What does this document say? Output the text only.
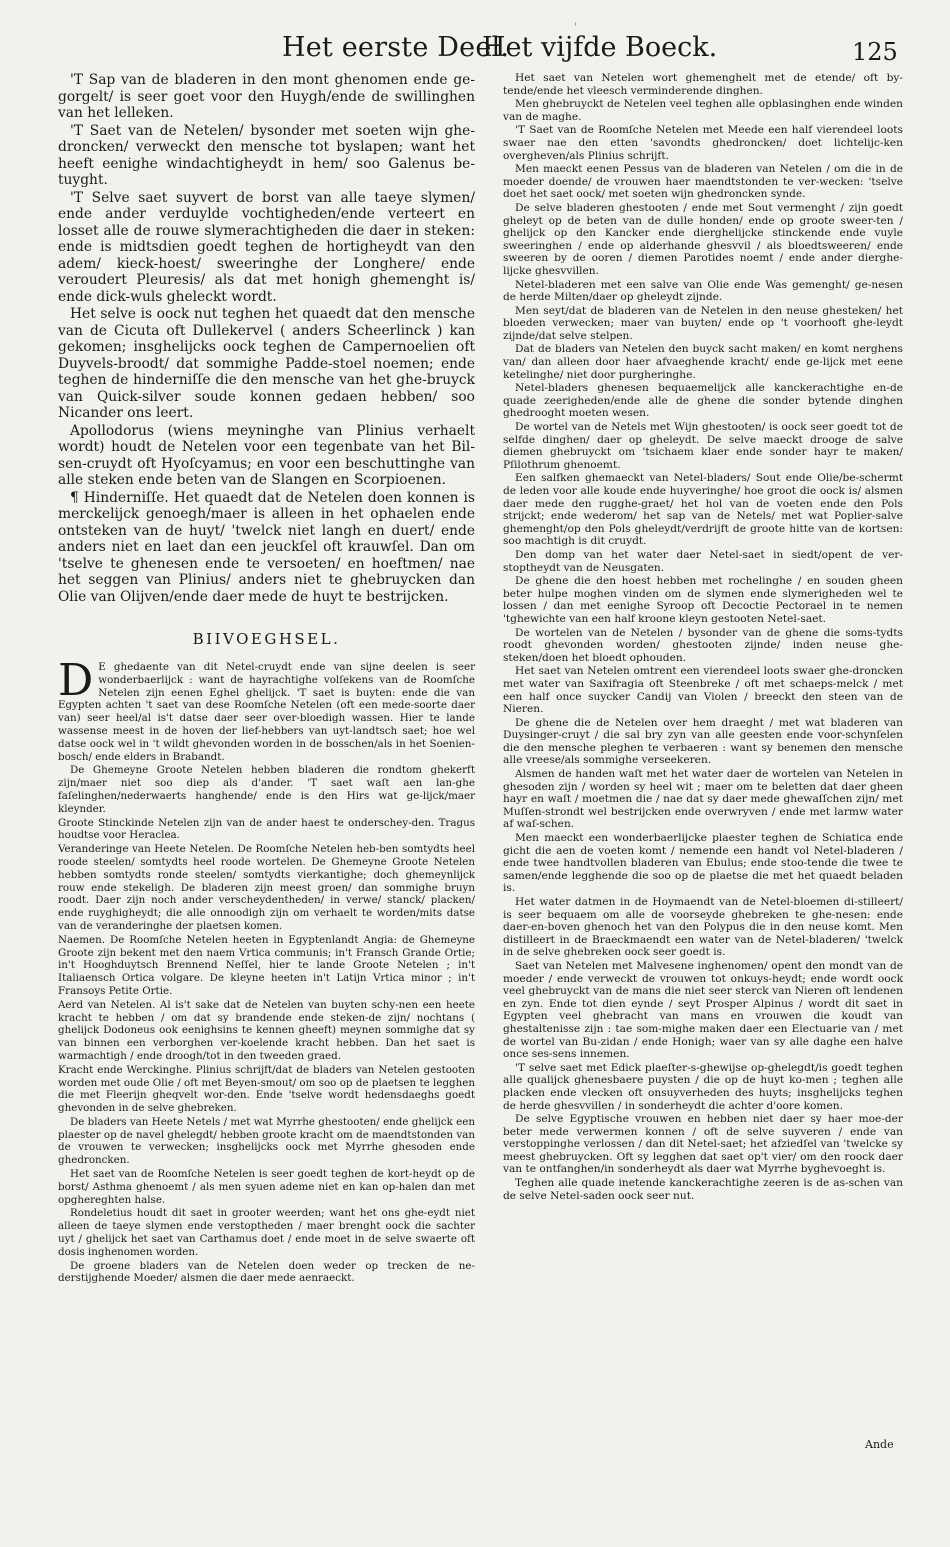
'
Het eerste Deel.
Het vijfde Boeck.	125

'T Sap van de bladeren in den mont ghenomen ende ge-gorgelt/ is seer goet voor den Huygh/ende de swillinghen van het lelleken.

'T Saet van de Netelen/ bysonder met soeten wijn ghe-droncken/ verweckt den mensche tot byslapen; want het heeft eenighe windachtigheydt in hem/ soo Galenus be-tuyght.

'T Selve saet suyvert de borst van alle taeye slymen/ ende ander verduylde vochtigheden/ende verteert en losset alle de rouwe slymerachtigheden die daer in steken: ende is midtsdien goedt teghen de hortigheydt van den adem/ kieck-hoest/ sweeringhe der Longhere/ ende veroudert Pleuresis/ als dat met honigh ghemenght is/ ende dick-wuls gheleckt wordt.

Het selve is oock nut teghen het quaedt dat den mensche van de Cicuta oft Dullekervel ( anders Scheerlinck ) kan gekomen; insghelijcks oock teghen de Campernoelien oft Duyvels-broodt/ dat sommighe Padde-stoel noemen; ende teghen de hinderniſſe die den mensche van het ghe-bruyck van Quick-silver soude konnen gedaen hebben/ soo Nicander ons leert.

Apollodorus (wiens meyninghe van Plinius verhaelt wordt) houdt de Netelen voor een tegenbate van het Bil-sen-cruydt oft Hyoſcyamus; en voor een beschuttinghe van alle steken ende beten van de Slangen en Scorpioenen.

¶ Hinderniſſe. Het quaedt dat de Netelen doen konnen is merckelijck genoegh/maer is alleen in het ophaelen ende ontsteken van de huyt/ 'twelck niet langh en duert/ ende anders niet en laet dan een jeuckſel oft krauwſel. Dan om 'tselve te ghenesen ende te versoeten/ en hoeftmen/ nae het seggen van Plinius/ anders niet te ghebruycken dan Olie van Olijven/ende daer mede de huyt te bestrijcken.

BIIVOEGHSEL.

D E ghedaente van dit Netel-cruydt ende van sijne deelen is seer wonderbaerlijck : want de hayrachtighe volſekens van de Roomſche Netelen zijn eenen Eghel ghelijck. 'T saet is buyten: ende die van Egypten achten 't saet van dese Roomſche Netelen (oft een mede-soorte daer van) seer heel/al is't datse daer seer over-bloedigh wassen. Hier te lande wassense meest in de hoven der lief-hebbers van uyt-landtsch saet; hoe wel datse oock wel in 't wildt ghevonden worden in de bosschen/als in het Soenien-bosch/ ende elders in Brabandt.

De Ghemeyne Groote Netelen hebben bladeren die rondtom ghekerft zijn/maer niet soo diep als d'ander. 'T saet waſt aen lan-ghe faſelinghen/nederwaerts hanghende/ ende is den Hirs wat ge-lijck/maer kleynder.

Groote Stinckinde Netelen zijn van de ander haest te onderschey-den. Tragus houdtse voor Heraclea.

Veranderinge van Heete Netelen. De Roomſche Netelen heb-ben somtydts heel roode steelen/ somtydts heel roode wortelen. De Ghemeyne Groote Netelen hebben somtydts ronde steelen/ somtydts vierkantighe; doch ghemeynlijck rouw ende stekeligh. De bladeren zijn meest groen/ dan sommighe bruyn roodt. Daer zijn noch ander verscheydentheden/ in verwe/ stanck/ placken/ ende ruyghigheydt; die alle onnoodigh zijn om verhaelt te worden/mits datse van de veranderinghe der plaetsen komen.

Naemen. De Roomſche Netelen heeten in Egyptenlandt Angia: de Ghemeyne Groote zijn bekent met den naem Vrtica communis; in't Fransch Grande Ortie; in't Hooghduytsch Brennend Neſſel, hier te lande Groote Netelen ; in't Italiaensch Ortica volgare. De kleyne heeten in't Latijn Vrtica minor ; in't Fransoys Petite Ortie.

Aerd van Netelen. Al is't sake dat de Netelen van buyten schy-nen een heete kracht te hebben / om dat sy brandende ende steken-de zijn/ nochtans ( ghelijck Dodoneus ook eenighsins te kennen gheeft) meynen sommighe dat sy van binnen een verborghen ver-koelende kracht hebben. Dan het saet is warmachtigh / ende droogh/tot in den tweeden graed.

Kracht ende Werckinghe. Plinius schrijft/dat de bladers van Netelen gestooten worden met oude Olie / oft met Beyen-smout/ om soo op de plaetsen te legghen die met Fleerijn gheqvelt wor-den. Ende 'tselve wordt hedensdaeghs goedt ghevonden in de selve ghebreken.

De bladers van Heete Netels / met wat Myrrhe ghestooten/ ende ghelijck een plaester op de navel ghelegdt/ hebben groote kracht om de maendtstonden van de vrouwen te verwecken; insghelijcks oock met Myrrhe ghesoden ende ghedroncken.

Het saet van de Roomſche Netelen is seer goedt teghen de kort-heydt op de borst/ Asthma ghenoemt / als men syuen ademe niet en kan op-halen dan met opghereghten halse.

Rondeletius houdt dit saet in grooter weerden; want het ons ghe-eydt niet alleen de taeye slymen ende verstoptheden / maer brenght oock die sachter uyt / ghelijck het saet van Carthamus doet / ende moet in de selve swaerte oft dosis inghenomen worden.

De groene bladers van de Netelen doen weder op trecken de ne-derstijghende Moeder/ alsmen die daer mede aenraeckt.

Het saet van Netelen wort ghemenghelt met de etende/ oft by-tende/ende het vleesch verminderende dinghen.

Men ghebruyckt de Netelen veel teghen alle opblasinghen ende winden van de maghe.

'T Saet van de Roomſche Netelen met Meede een half vierendeel loots swaer nae den etten 'savondts ghedroncken/ doet lichtelijc-ken overgheven/als Plinius schrijft.

Men maeckt eenen Pessus van de bladeren van Netelen / om die in de moeder doende/ de vrouwen haer maendtstonden te ver-wecken: 'tselve doet het saet oock/ met soeten wijn ghedroncken synde.

De selve bladeren ghestooten / ende met Sout vermenght / zijn goedt gheleyt op de beten van de dulle honden/ ende op groote sweer-ten / ghelijck op den Kancker ende dierghelijcke stinckende ende vuyle sweeringhen / ende op alderhande ghesvvil / als bloedtsweeren/ ende sweeren by de ooren / diemen Parotides noemt / ende ander dierghe-lijcke ghesvvillen.

Netel-bladeren met een salve van Olie ende Was gemenght/ ge-nesen de herde Milten/daer op gheleydt zijnde.

Men seyt/dat de bladeren van de Netelen in den neuse ghesteken/ het bloeden verwecken; maer van buyten/ ende op 't voorhooft ghe-leydt zijnde/dat selve stelpen.

Dat de bladers van Netelen den buyck sacht maken/ en komt nerghens van/ dan alleen door haer afvaeghende kracht/ ende ge-lijck met eene ketelinghe/ niet door purgheringhe.

Netel-bladers ghenesen bequaemelijck alle kanckerachtighe en-de quade zeerigheden/ende alle de ghene die sonder bytende dinghen ghedrooght moeten wesen.

De wortel van de Netels met Wijn ghestooten/ is oock seer goedt tot de selfde dinghen/ daer op gheleydt. De selve maeckt drooge de salve diemen ghebruyckt om 'tsichaem klaer ende sonder hayr te maken/ Pſilothrum ghenoemt.

Een salfken ghemaeckt van Netel-bladers/ Sout ende Olie/be-schermt de leden voor alle koude ende huyveringhe/ hoe groot die oock is/ alsmen daer mede den rugghe-graet/ het hol van de voeten ende den Pols strijckt; ende wederom/ het sap van de Netels/ met wat Poplier-salve ghemenght/op den Pols gheleydt/verdrijft de groote hitte van de kortsen: soo machtigh is dit cruydt.

Den domp van het water daer Netel-saet in siedt/opent de ver-stoptheydt van de Neusgaten.

De ghene die den hoest hebben met rochelinghe / en souden gheen beter hulpe moghen vinden om de slymen ende slymerigheden wel te lossen / dan met eenighe Syroop oft Decoctie Pectorael in te nemen 'tghewichte van een half kroone kleyn gestooten Netel-saet.

De wortelen van de Netelen / bysonder van de ghene die soms-tydts roodt ghevonden worden/ ghestooten zijnde/ inden neuse ghe-steken/doen het bloedt ophouden.

Het saet van Netelen omtrent een vierendeel loots swaer ghe-droncken met water van Saxifragia oft Steenbreke / oft met schaeps-melck / met een half once suycker Candij van Violen / breeckt den steen van de Nieren.

De ghene die de Netelen over hem draeght / met wat bladeren van Duysinger-cruyt / die sal bry zyn van alle geesten ende voor-schynſelen die den mensche pleghen te verbaeren : want sy benemen den mensche alle vreese/als sommighe verseekeren.

Alsmen de handen waſt met het water daer de wortelen van Netelen in ghesoden zijn / worden sy heel wit ; maer om te beletten dat daer gheen hayr en waſt / moetmen die / nae dat sy daer mede ghewaſſchen zijn/ met Muſſen-strondt wel bestrijcken ende overwryven / ende met larmw water af waſ-schen.

Men maeckt een wonderbaerlijcke plaester teghen de Schiatica ende gicht die aen de voeten komt / nemende een handt vol Netel-bladeren / ende twee handtvollen bladeren van Ebulus; ende stoo-tende die twee te samen/ende legghende die soo op de plaetse die met het quaedt beladen is.

Het water datmen in de Hoymaendt van de Netel-bloemen di-stilleert/ is seer bequaem om alle de voorseyde ghebreken te ghe-nesen: ende daer-en-boven ghenoch het van den Polypus die in den neuse komt. Men distilleert in de Braeckmaendt een water van de Netel-bladeren/ 'twelck in de selve ghebreken oock seer goedt is.

Saet van Netelen met Malvesene inghenomen/ opent den mondt van de moeder / ende verweckt de vrouwen tot onkuys-heydt; ende wordt oock veel ghebruyckt van de mans die niet seer sterck van Nieren oft lendenen en zyn. Ende tot dien eynde / seyt Prosper Alpinus / wordt dit saet in Egypten veel ghebracht van mans en vrouwen die koudt van ghestaltenisse zijn : tae som-mighe maken daer een Electuarie van / met de wortel van Bu-zidan / ende Honigh; waer van sy alle daghe een halve once ses-sens innemen.

'T selve saet met Edick plaeſter-s-ghewijse op-ghelegdt/is goedt teghen alle qualijck ghenesbaere puysten / die op de huyt ko-men ; teghen alle placken ende vlecken oft onsuyverheden des huyts; insghelijcks teghen de herde ghesvvillen / in sonderheydt die achter d'oore komen.

De selve Egyptische vrouwen en hebben niet daer sy haer moe-der beter mede verwermen konnen / oft de selve suyveren / ende van verstoppinghe verlossen / dan dit Netel-saet; het afziedſel van 'twelcke sy meest ghebruycken. Oft sy legghen dat saet op't vier/ om den roock daer van te ontfanghen/in sonderheydt als daer wat Myrrhe byghevoeght is.

Teghen alle quade inetende kanckerachtighe zeeren is de as-schen van de selve Netel-saden oock seer nut.

Ande
